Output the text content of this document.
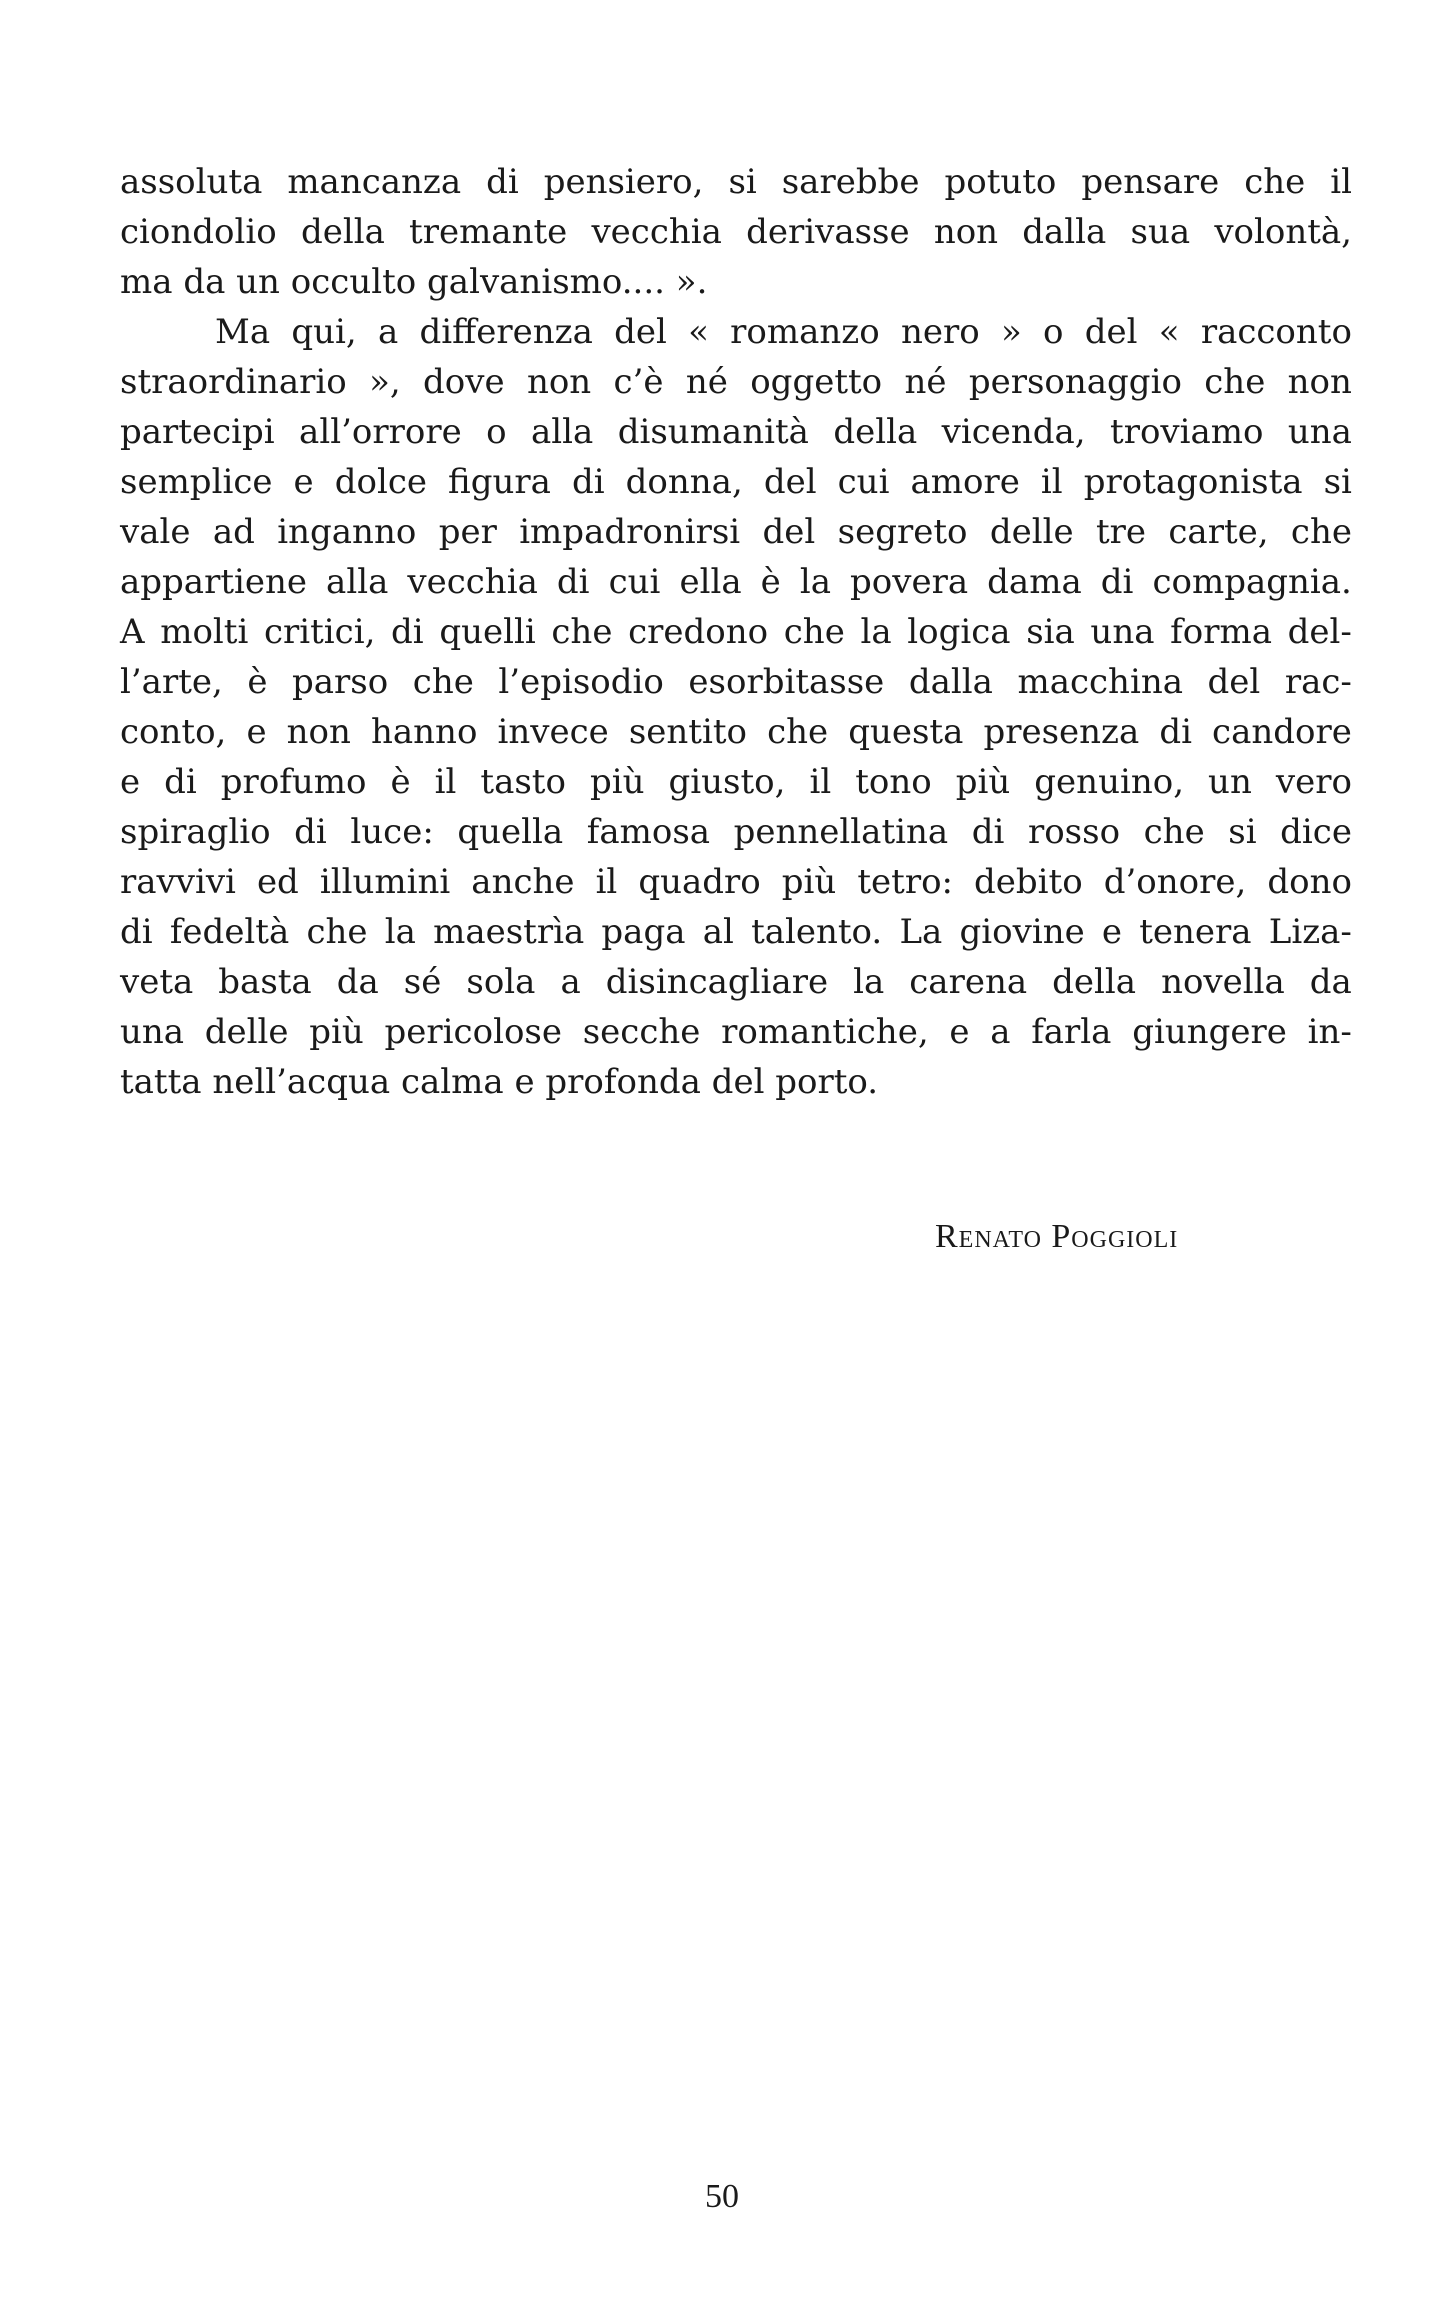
assoluta mancanza di pensiero, si sarebbe potuto pensare che il
ciondolio della tremante vecchia derivasse non dalla sua volontà,
ma da un occulto galvanismo.... ».
Ma qui, a differenza del « romanzo nero » o del « racconto
straordinario », dove non c’è né oggetto né personaggio che non
partecipi all’orrore o alla disumanità della vicenda, troviamo una
semplice e dolce figura di donna, del cui amore il protagonista si
vale ad inganno per impadronirsi del segreto delle tre carte, che
appartiene alla vecchia di cui ella è la povera dama di compagnia.
A molti critici, di quelli che credono che la logica sia una forma del-
l’arte, è parso che l’episodio esorbitasse dalla macchina del rac-
conto, e non hanno invece sentito che questa presenza di candore
e di profumo è il tasto più giusto, il tono più genuino, un vero
spiraglio di luce: quella famosa pennellatina di rosso che si dice
ravvivi ed illumini anche il quadro più tetro: debito d’onore, dono
di fedeltà che la maestrìa paga al talento. La giovine e tenera Liza-
veta basta da sé sola a disincagliare la carena della novella da
una delle più pericolose secche romantiche, e a farla giungere in-
tatta nell’acqua calma e profonda del porto.
Renato Poggioli
50
